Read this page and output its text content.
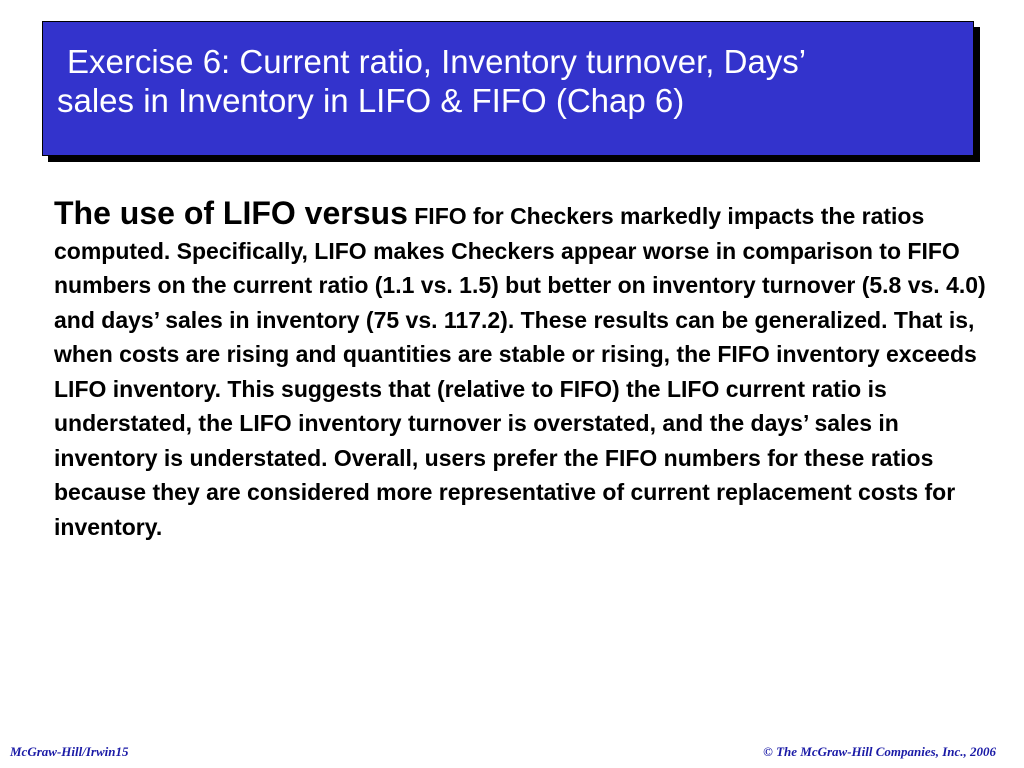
Exercise 6: Current ratio, Inventory turnover, Days’
sales in Inventory in LIFO & FIFO (Chap 6)

The use of LIFO versus FIFO for Checkers markedly impacts the ratios computed. Specifically, LIFO makes Checkers appear worse in comparison to FIFO numbers on the current ratio (1.1 vs. 1.5) but better on inventory turnover (5.8 vs. 4.0) and days’ sales in inventory (75 vs. 117.2). These results can be generalized. That is, when costs are rising and quantities are stable or rising, the FIFO inventory exceeds LIFO inventory. This suggests that (relative to FIFO) the LIFO current ratio is understated, the LIFO inventory turnover is overstated, and the days’ sales in inventory is understated. Overall, users prefer the FIFO numbers for these ratios because they are considered more representative of current replacement costs for inventory.

McGraw-Hill/Irwin15	© The McGraw-Hill Companies, Inc., 2006
